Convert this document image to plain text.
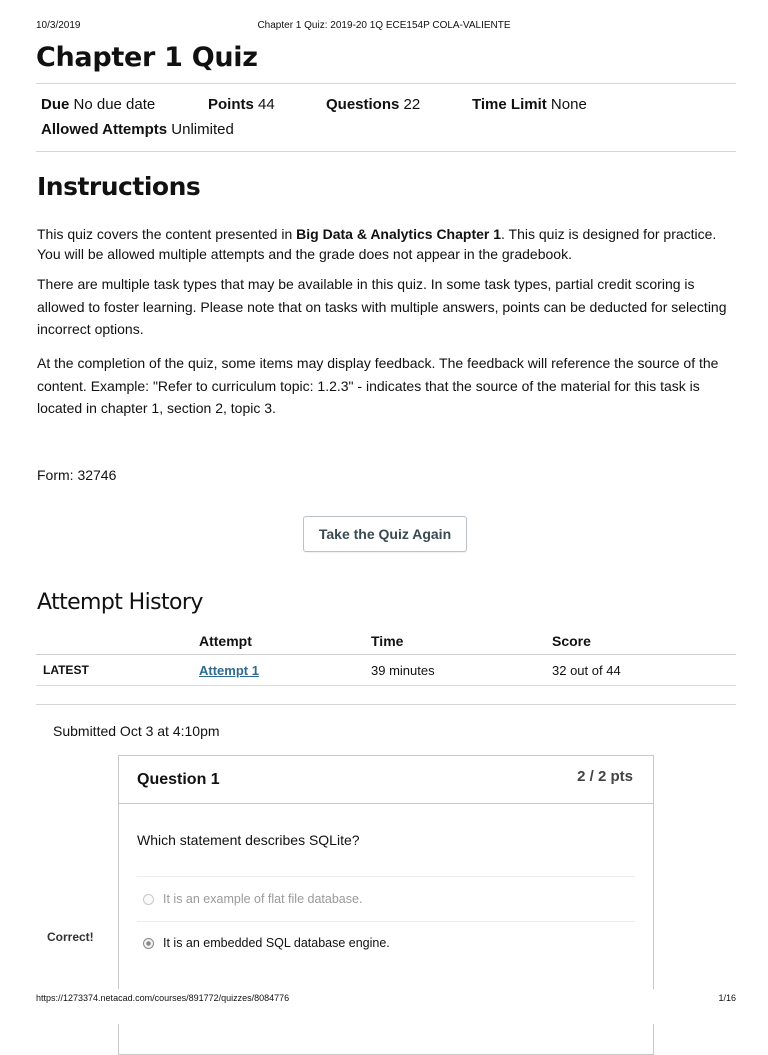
10/3/2019	Chapter 1 Quiz: 2019-20 1Q ECE154P COLA-VALIENTE
Chapter 1 Quiz
Due No due date	Points 44	Questions 22	Time Limit None
Allowed Attempts Unlimited
Instructions

This quiz covers the content presented in Big Data & Analytics Chapter 1. This quiz is designed for practice. You will be allowed multiple attempts and the grade does not appear in the gradebook.

There are multiple task types that may be available in this quiz. In some task types, partial credit scoring is allowed to foster learning. Please note that on tasks with multiple answers, points can be deducted for selecting incorrect options.

At the completion of the quiz, some items may display feedback. The feedback will reference the source of the content. Example: "Refer to curriculum topic: 1.2.3" - indicates that the source of the material for this task is located in chapter 1, section 2, topic 3.

Form: 32746
Take the Quiz Again
Attempt History
	Attempt	Time	Score
LATEST	Attempt 1	39 minutes	32 out of 44
Submitted Oct 3 at 4:10pm
Question 1	2 / 2 pts
Which statement describes SQLite?
It is an example of flat file database.
It is an embedded SQL database engine.
Correct!
https://1273374.netacad.com/courses/891772/quizzes/8084776	1/16
